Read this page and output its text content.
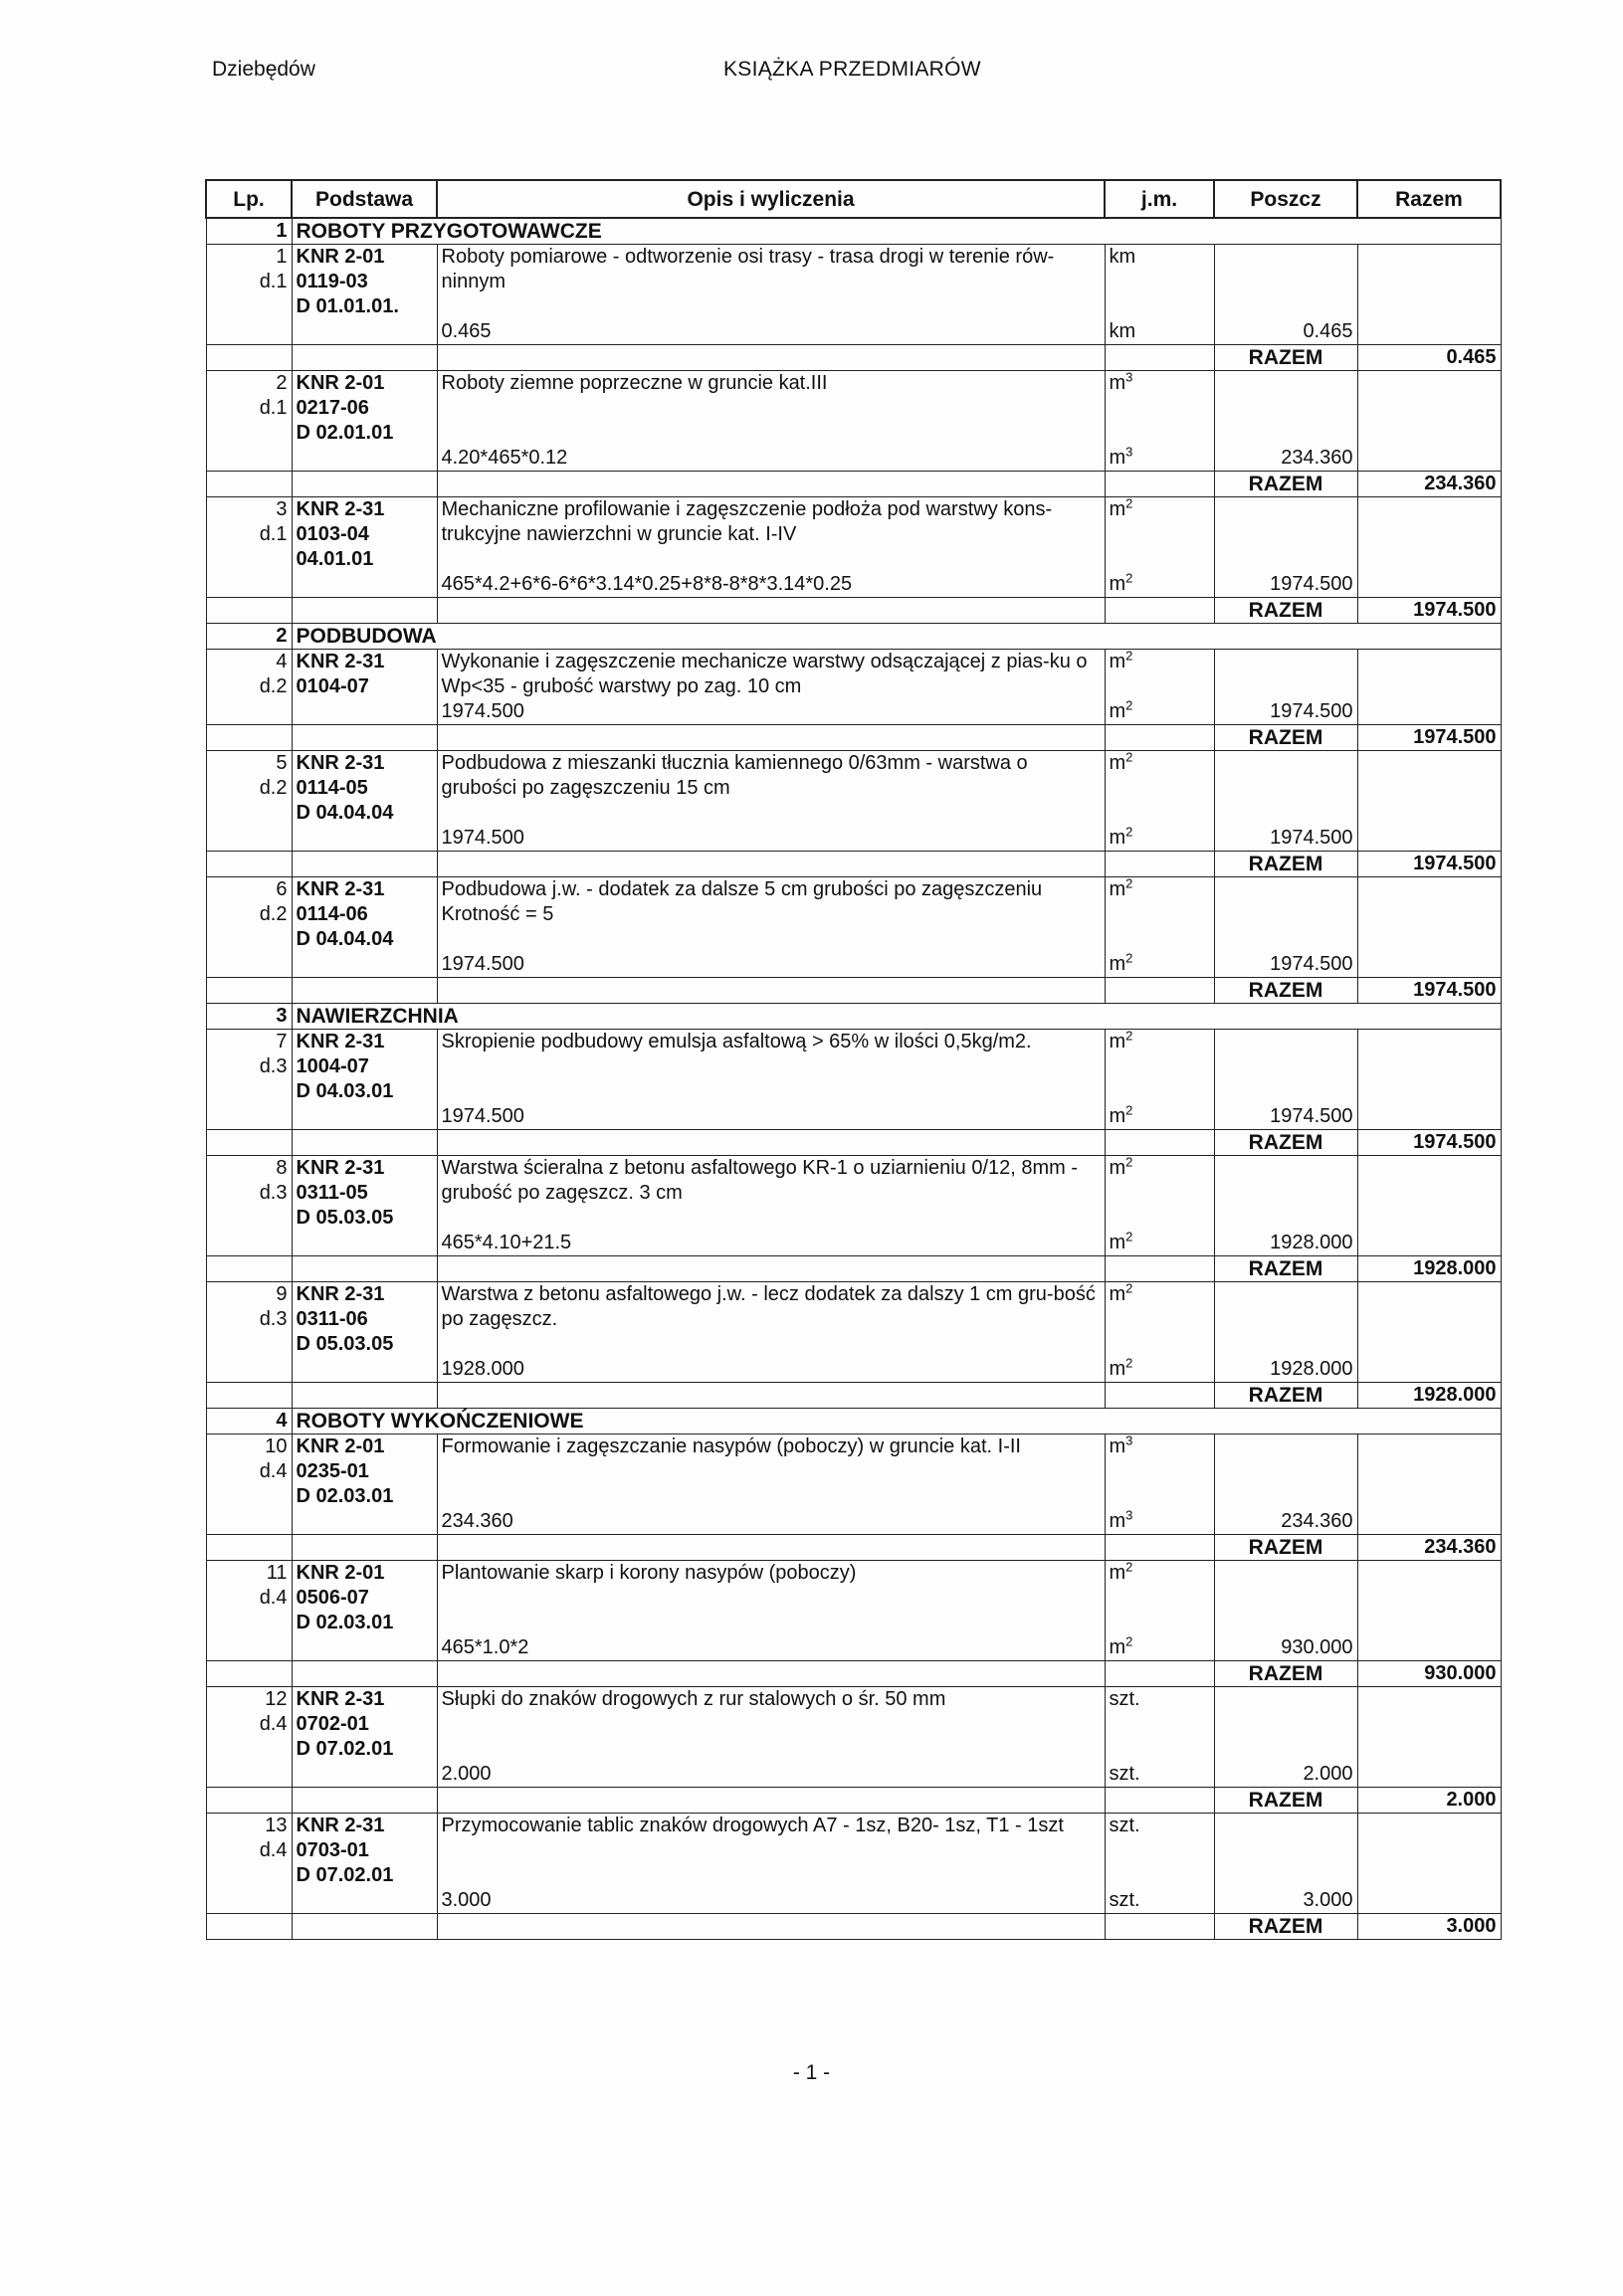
Dziebędów	KSIĄŻKA PRZEDMIARÓW
Lp.	Podstawa	Opis i wyliczenia	j.m.	Poszcz	Razem
1	ROBOTY PRZYGOTOWAWCZE				
1	KNR 2-01	Roboty pomiarowe - odtworzenie osi trasy - trasa drogi w terenie rów-ninnym	km		
d.1	0119-03				
	D 01.01.01.				
		0.465	km	0.465	
				RAZEM	0.465
2	KNR 2-01	Roboty ziemne poprzeczne w gruncie kat.III	$m^3$		
d.1	0217-06				
	D 02.01.01				
		4.20*465*0.12	$m^3$	234.360	
				RAZEM	234.360
3	KNR 2-31	Mechaniczne profilowanie i zagęszczenie podłoża pod warstwy kons-trukcyjne nawierzchni w gruncie kat. I-IV	$m^2$		
d.1	0103-04				
	04.01.01				
		465*4.2+6*6-6*6*3.14*0.25+8*8-8*8*3.14*0.25	$m^2$	1974.500	
				RAZEM	1974.500
2	PODBUDOWA				
4	KNR 2-31	Wykonanie i zagęszczenie mechanicze warstwy odsączającej z pias-ku o Wp<35 - grubość warstwy po zag. 10 cm	$m^2$		
d.2	0104-07				
		1974.500	$m^2$	1974.500	
				RAZEM	1974.500
5	KNR 2-31	Podbudowa z mieszanki tłucznia kamiennego 0/63mm - warstwa o grubości po zagęszczeniu 15 cm	$m^2$		
d.2	0114-05				
	D 04.04.04				
		1974.500	$m^2$	1974.500	
				RAZEM	1974.500
6	KNR 2-31	Podbudowa j.w. - dodatek za dalsze 5 cm grubości po zagęszczeniu Krotność = 5	$m^2$		
d.2	0114-06				
	D 04.04.04				
		1974.500	$m^2$	1974.500	
				RAZEM	1974.500
3	NAWIERZCHNIA				
7	KNR 2-31	Skropienie podbudowy emulsja asfaltową > 65% w ilości 0,5kg/m2.	$m^2$		
d.3	1004-07				
	D 04.03.01				
		1974.500	$m^2$	1974.500	
				RAZEM	1974.500
8	KNR 2-31	Warstwa ścieralna z betonu asfaltowego KR-1 o uziarnieniu 0/12, 8mm - grubość po zagęszcz. 3 cm	$m^2$		
d.3	0311-05				
	D 05.03.05				
		465*4.10+21.5	$m^2$	1928.000	
				RAZEM	1928.000
9	KNR 2-31	Warstwa z betonu asfaltowego j.w. - lecz dodatek za dalszy 1 cm gru-bość po zagęszcz.	$m^2$		
d.3	0311-06				
	D 05.03.05				
		1928.000	$m^2$	1928.000	
				RAZEM	1928.000
4	ROBOTY WYKOŃCZENIOWE				
10	KNR 2-01	Formowanie i zagęszczanie nasypów (poboczy) w gruncie kat. I-II	$m^3$		
d.4	0235-01				
	D 02.03.01				
		234.360	$m^3$	234.360	
				RAZEM	234.360
11	KNR 2-01	Plantowanie skarp i korony nasypów (poboczy)	$m^2$		
d.4	0506-07				
	D 02.03.01				
		465*1.0*2	$m^2$	930.000	
				RAZEM	930.000
12	KNR 2-31	Słupki do znaków drogowych z rur stalowych o śr. 50 mm	szt.		
d.4	0702-01				
	D 07.02.01				
		2.000	szt.	2.000	
				RAZEM	2.000
13	KNR 2-31	Przymocowanie tablic znaków drogowych A7 - 1sz, B20- 1sz, T1 - 1szt	szt.		
d.4	0703-01				
	D 07.02.01				
		3.000	szt.	3.000	
				RAZEM	3.000
- 1 -
